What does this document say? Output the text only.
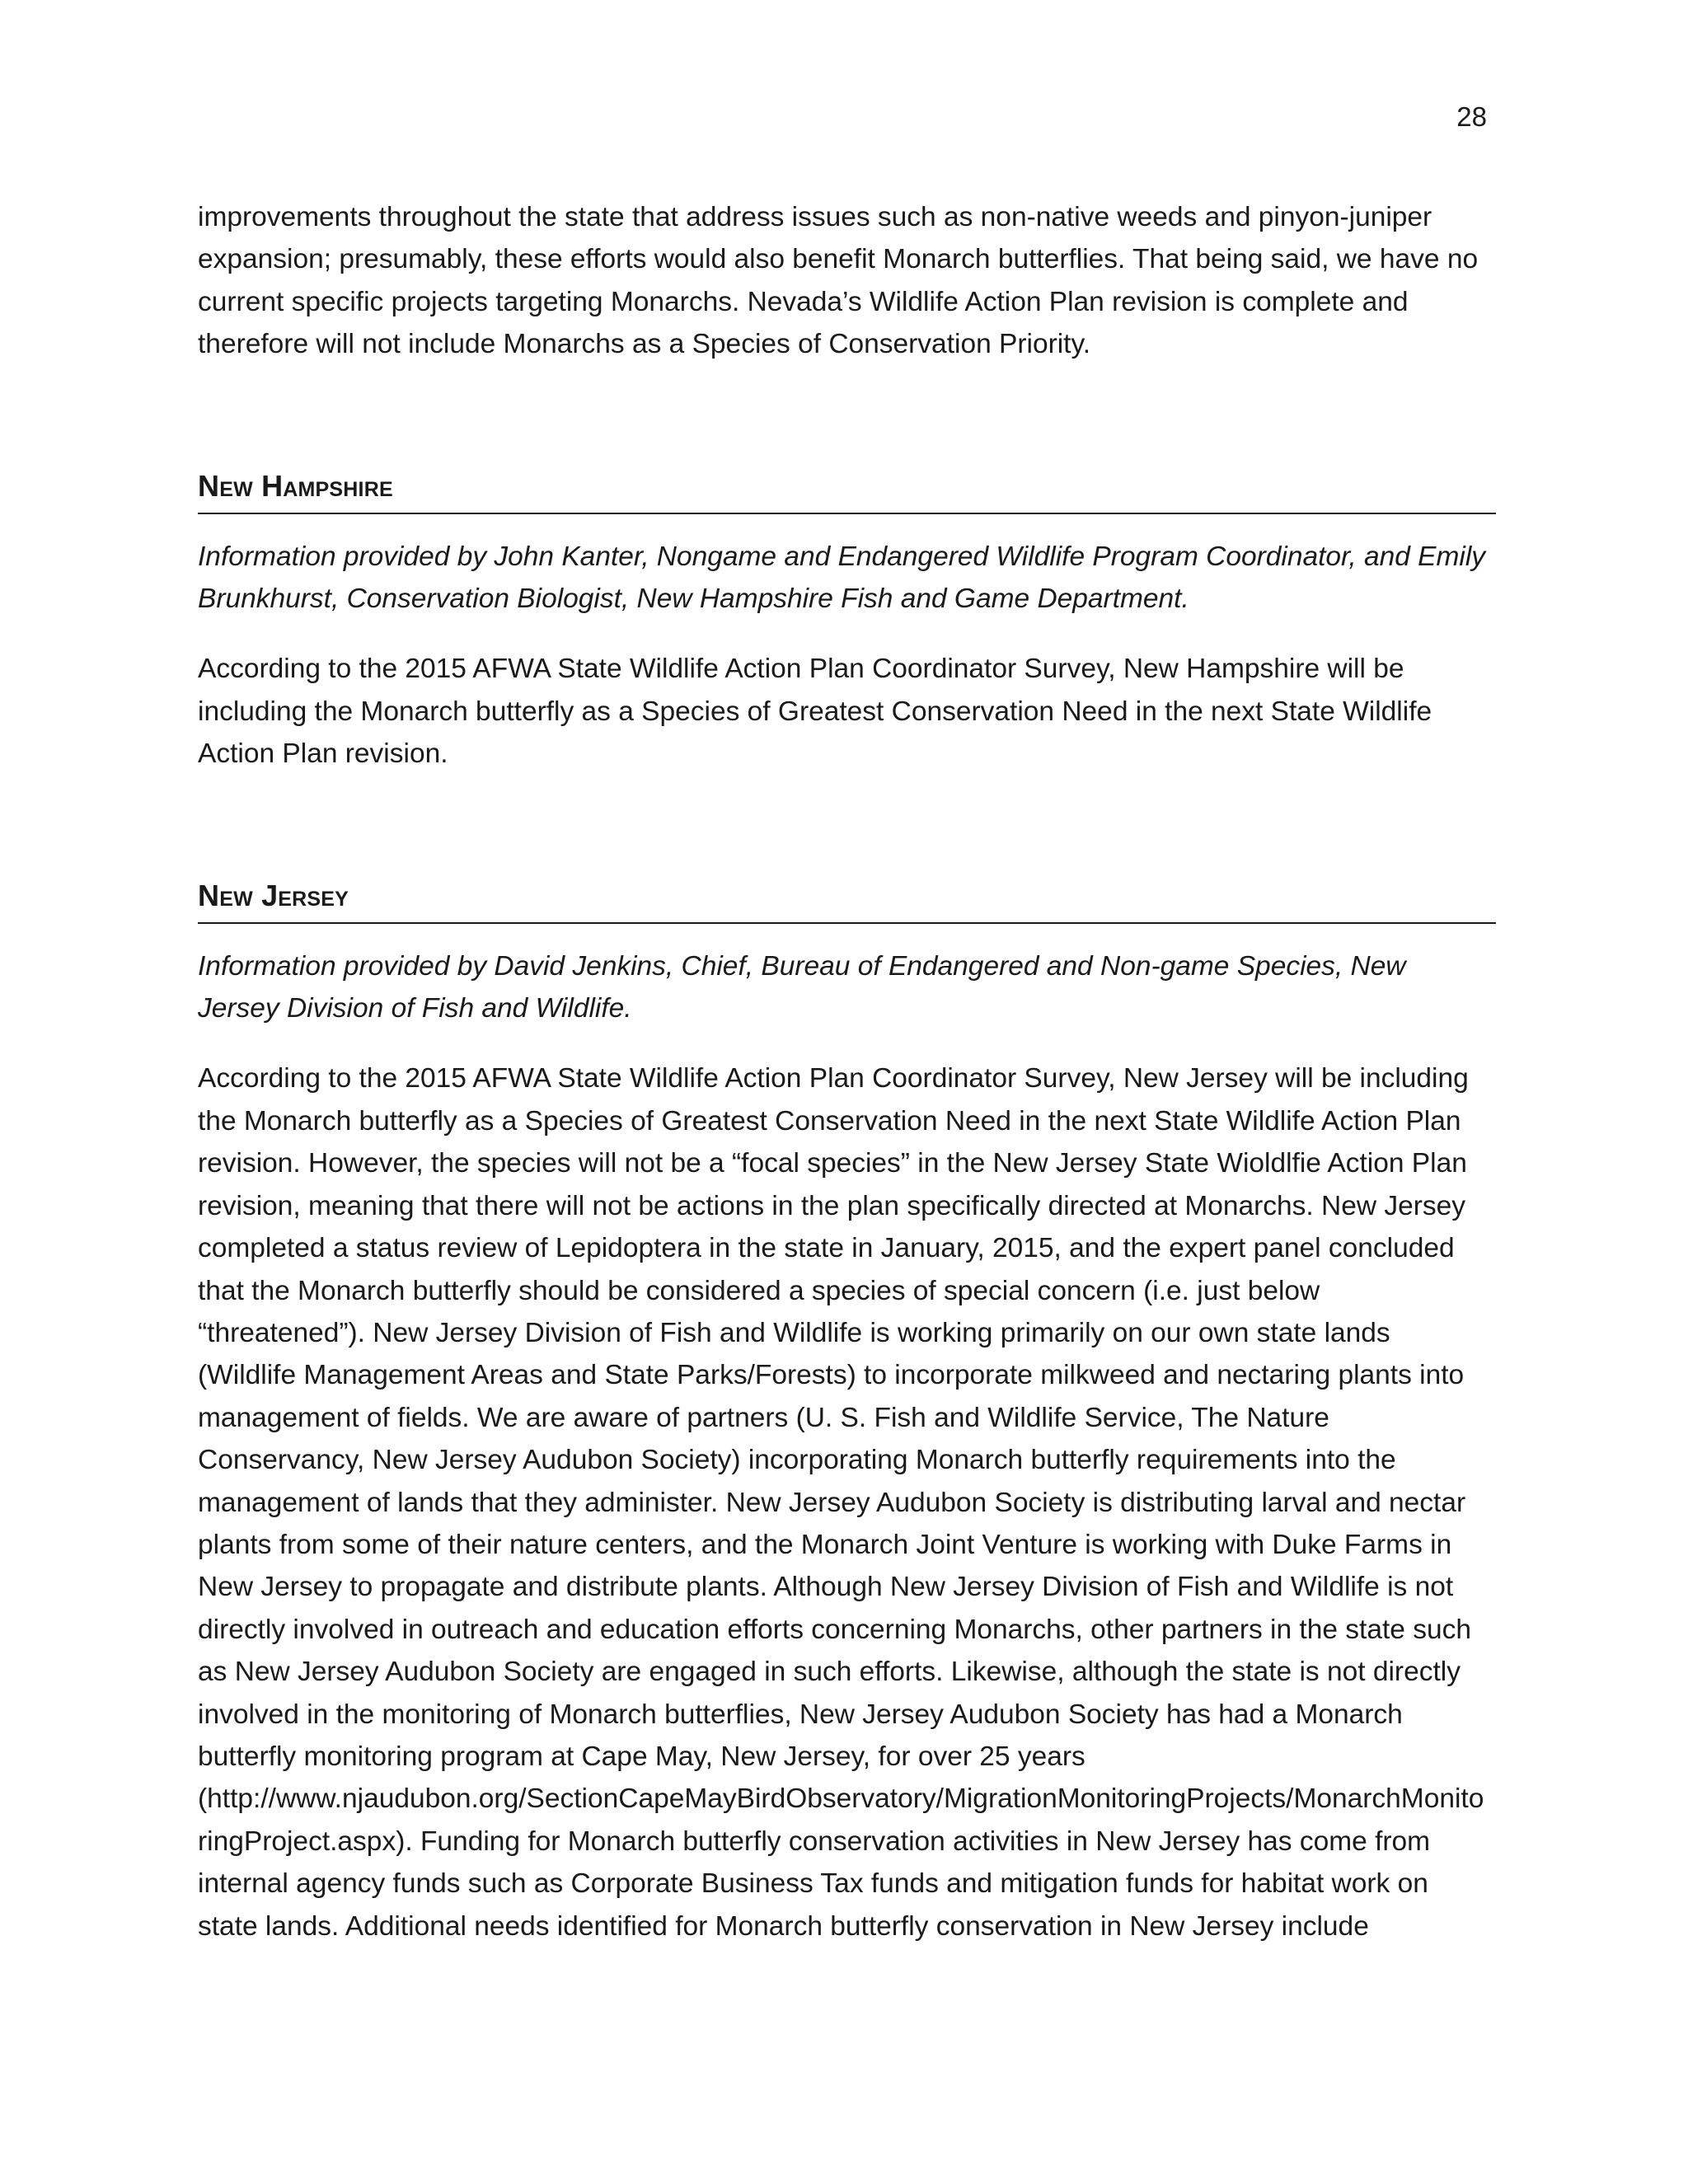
28

improvements throughout the state that address issues such as non-native weeds and pinyon-juniper expansion; presumably, these efforts would also benefit Monarch butterflies. That being said, we have no current specific projects targeting Monarchs. Nevada’s Wildlife Action Plan revision is complete and therefore will not include Monarchs as a Species of Conservation Priority.

New Hampshire

Information provided by John Kanter, Nongame and Endangered Wildlife Program Coordinator, and Emily Brunkhurst, Conservation Biologist, New Hampshire Fish and Game Department.

According to the 2015 AFWA State Wildlife Action Plan Coordinator Survey, New Hampshire will be including the Monarch butterfly as a Species of Greatest Conservation Need in the next State Wildlife Action Plan revision.

New Jersey

Information provided by David Jenkins, Chief, Bureau of Endangered and Non-game Species, New Jersey Division of Fish and Wildlife.

According to the 2015 AFWA State Wildlife Action Plan Coordinator Survey, New Jersey will be including the Monarch butterfly as a Species of Greatest Conservation Need in the next State Wildlife Action Plan revision. However, the species will not be a “focal species” in the New Jersey State Wioldlfie Action Plan revision, meaning that there will not be actions in the plan specifically directed at Monarchs. New Jersey completed a status review of Lepidoptera in the state in January, 2015, and the expert panel concluded that the Monarch butterfly should be considered a species of special concern (i.e. just below “threatened”). New Jersey Division of Fish and Wildlife is working primarily on our own state lands (Wildlife Management Areas and State Parks/Forests) to incorporate milkweed and nectaring plants into management of fields. We are aware of partners (U. S. Fish and Wildlife Service, The Nature Conservancy, New Jersey Audubon Society) incorporating Monarch butterfly requirements into the management of lands that they administer. New Jersey Audubon Society is distributing larval and nectar plants from some of their nature centers, and the Monarch Joint Venture is working with Duke Farms in New Jersey to propagate and distribute plants. Although New Jersey Division of Fish and Wildlife is not directly involved in outreach and education efforts concerning Monarchs, other partners in the state such as New Jersey Audubon Society are engaged in such efforts. Likewise, although the state is not directly involved in the monitoring of Monarch butterflies, New Jersey Audubon Society has had a Monarch butterfly monitoring program at Cape May, New Jersey, for over 25 years (http://www.njaudubon.org/SectionCapeMayBirdObservatory/MigrationMonitoringProjects/MonarchMonitoringProject.aspx). Funding for Monarch butterfly conservation activities in New Jersey has come from internal agency funds such as Corporate Business Tax funds and mitigation funds for habitat work on state lands. Additional needs identified for Monarch butterfly conservation in New Jersey include
